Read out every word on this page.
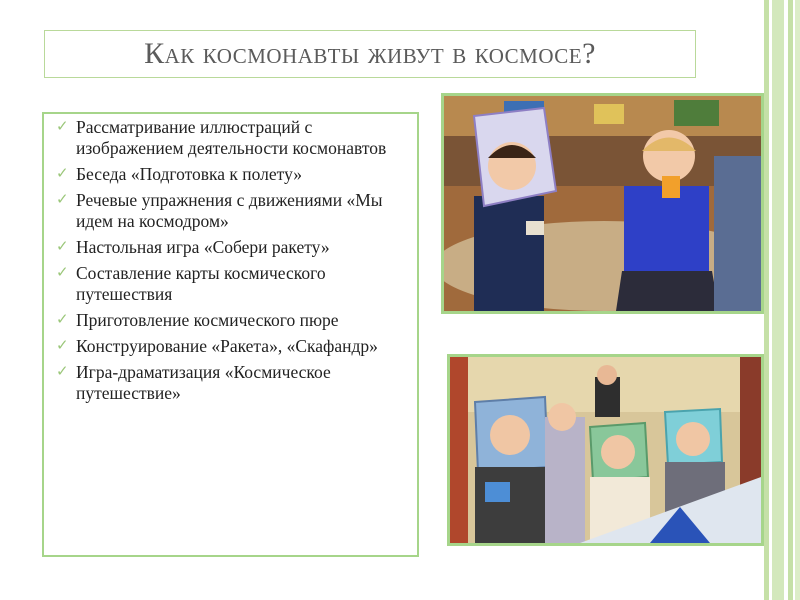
Как космонавты живут в космосе?
✓ Рассматривание иллюстраций с изображением деятельности космонавтов
✓ Беседа «Подготовка к полету»
✓ Речевые упражнения с движениями «Мы идем на космодром»
✓ Настольная игра «Собери ракету»
✓ Составление карты космического путешествия
✓ Приготовление космического пюре
✓ Конструирование «Ракета», «Скафандр»
✓ Игра-драматизация «Космическое путешествие»
